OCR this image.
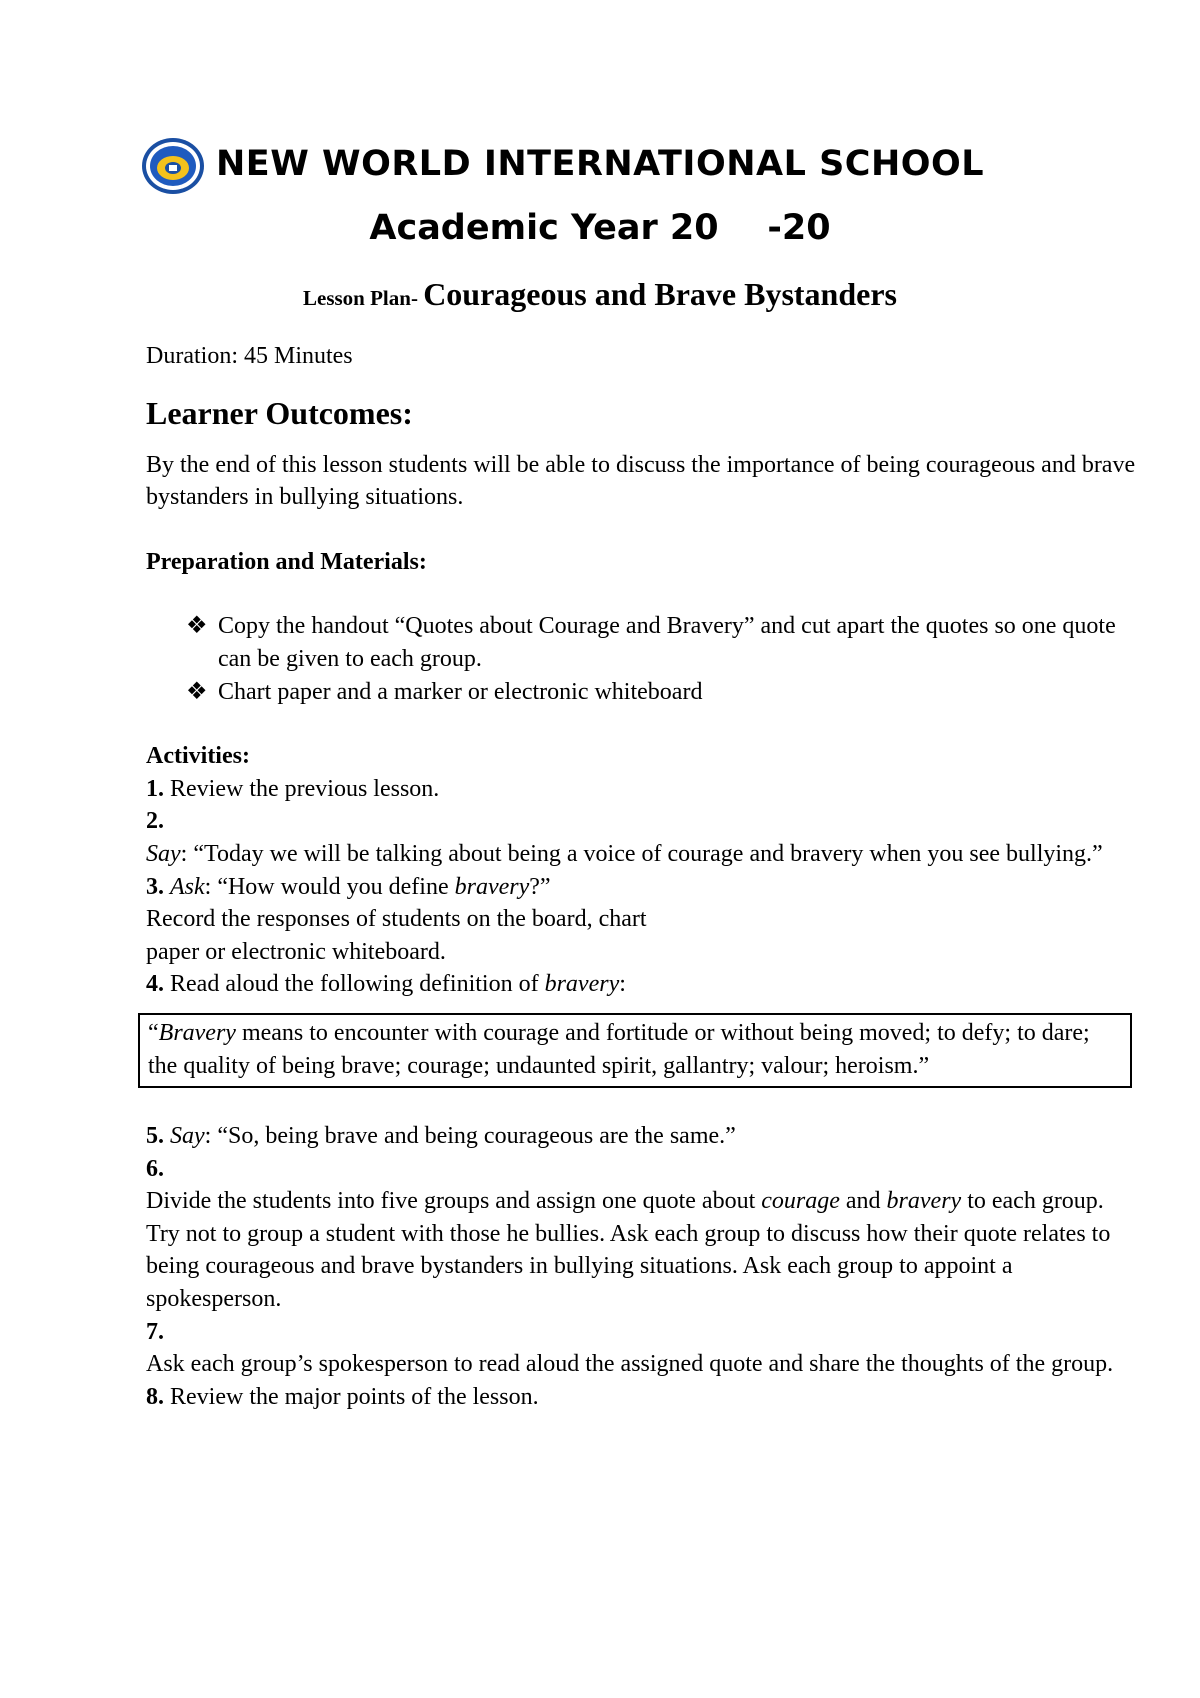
NEW WORLD INTERNATIONAL SCHOOL
Academic Year 20    -20
Lesson Plan- Courageous and Brave Bystanders

Duration: 45 Minutes

Learner Outcomes:

By the end of this lesson students will be able to discuss the importance of being courageous and brave bystanders in bullying situations.

Preparation and Materials:

❖ Copy the handout “Quotes about Courage and Bravery” and cut apart the quotes so one quote can be given to each group.
❖ Chart paper and a marker or electronic whiteboard

Activities:

1. Review the previous lesson.

2.

Say: “Today we will be talking about being a voice of courage and bravery when you see bullying.”

3. Ask: “How would you define bravery?”

Record the responses of students on the board, chart paper or electronic whiteboard.

4. Read aloud the following definition of bravery:

“Bravery means to encounter with courage and fortitude or without being moved; to defy; to dare; the quality of being brave; courage; undaunted spirit, gallantry; valour; heroism.”

5. Say: “So, being brave and being courageous are the same.”

6.

Divide the students into five groups and assign one quote about courage and bravery to each group. Try not to group a student with those he bullies. Ask each group to discuss how their quote relates to being courageous and brave bystanders in bullying situations. Ask each group to appoint a spokesperson.

7.

Ask each group’s spokesperson to read aloud the assigned quote and share the thoughts of the group.

8. Review the major points of the lesson.
